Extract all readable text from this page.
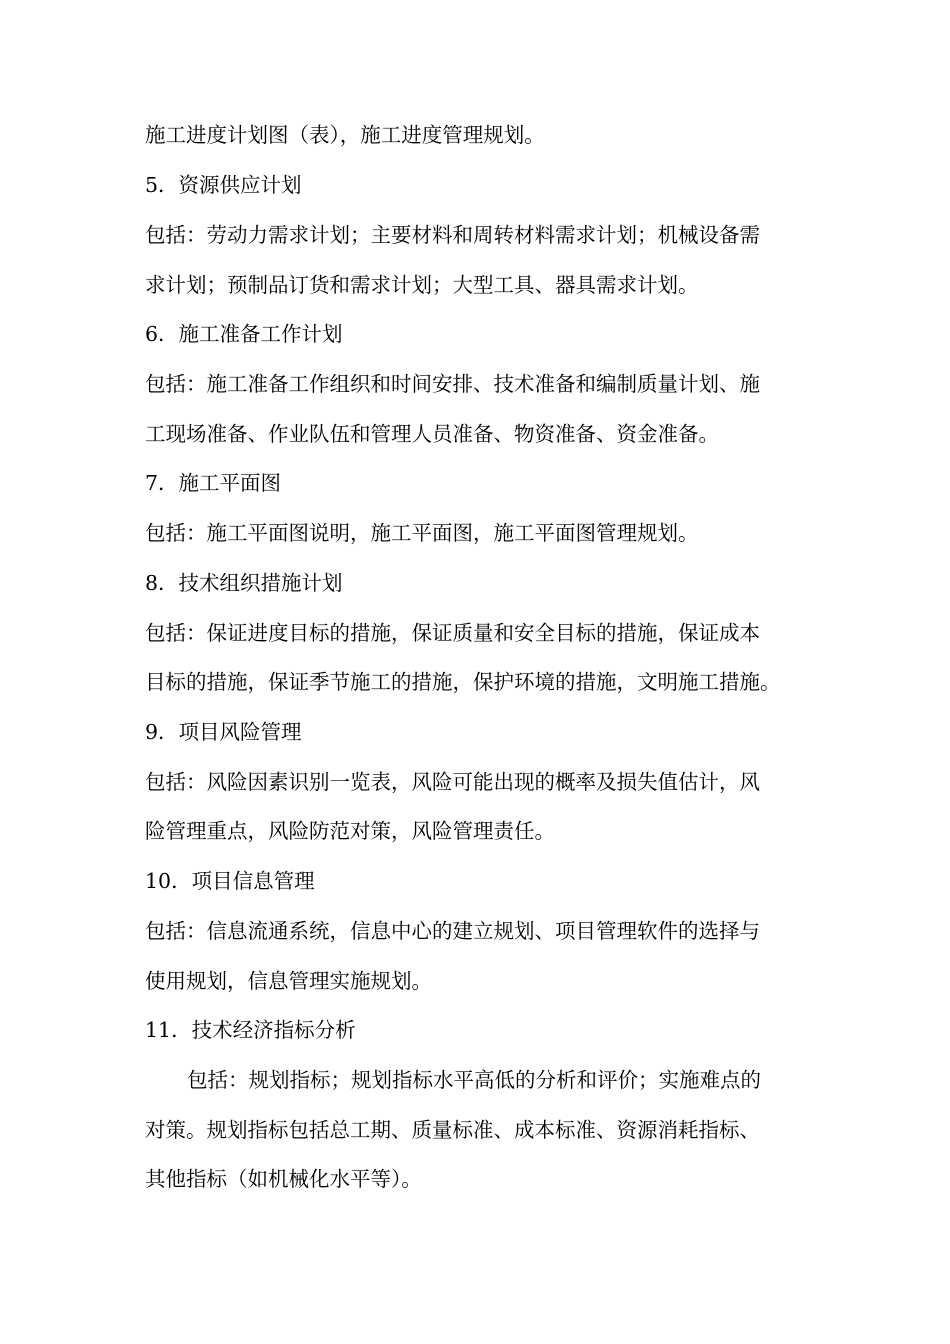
施工进度计划图（表），施工进度管理规划。
5．资源供应计划
包括：劳动力需求计划；主要材料和周转材料需求计划；机械设备需
求计划；预制品订货和需求计划；大型工具、器具需求计划。
6．施工准备工作计划
包括：施工准备工作组织和时间安排、技术准备和编制质量计划、施
工现场准备、作业队伍和管理人员准备、物资准备、资金准备。
7．施工平面图
包括：施工平面图说明，施工平面图，施工平面图管理规划。
8．技术组织措施计划
包括：保证进度目标的措施，保证质量和安全目标的措施，保证成本
目标的措施，保证季节施工的措施，保护环境的措施，文明施工措施。
9．项目风险管理
包括：风险因素识别一览表，风险可能出现的概率及损失值估计，风
险管理重点，风险防范对策，风险管理责任。
10．项目信息管理
包括：信息流通系统，信息中心的建立规划、项目管理软件的选择与
使用规划，信息管理实施规划。
11．技术经济指标分析
包括：规划指标；规划指标水平高低的分析和评价；实施难点的
对策。规划指标包括总工期、质量标准、成本标准、资源消耗指标、
其他指标（如机械化水平等）。
